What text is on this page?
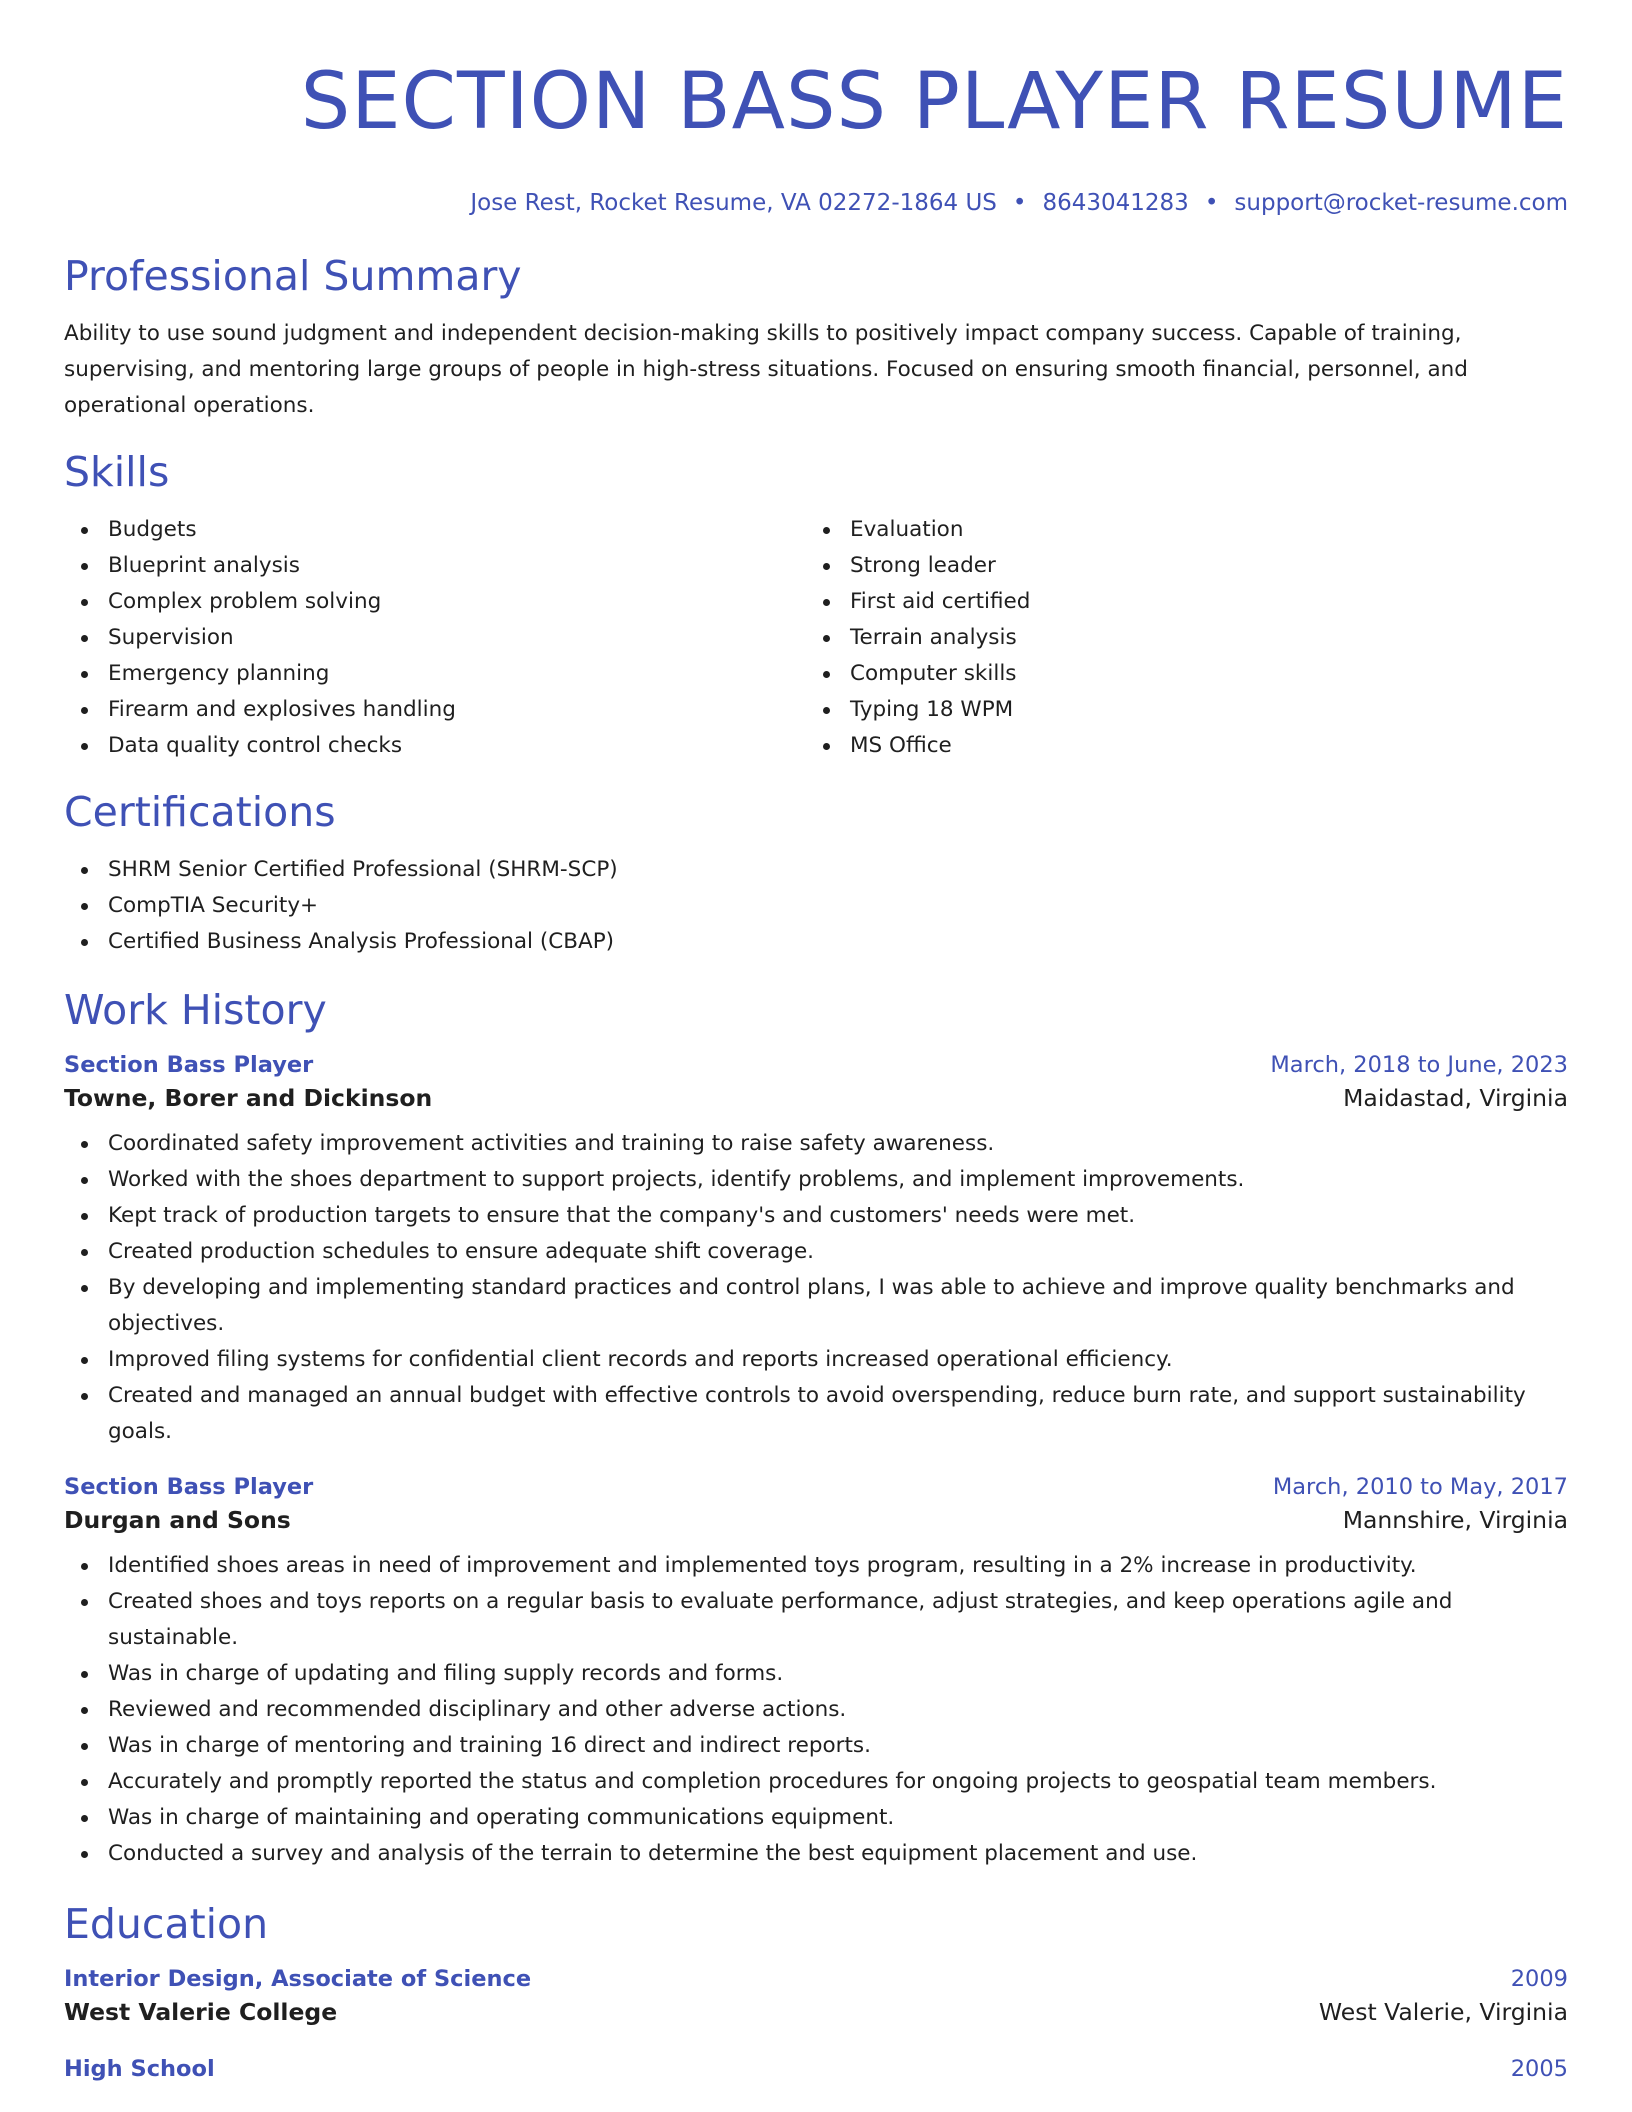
SECTION BASS PLAYER RESUME
Jose Rest, Rocket Resume, VA 02272-1864 US • 8643041283 • support@rocket-resume.com
Professional Summary
Ability to use sound judgment and independent decision-making skills to positively impact company success. Capable of training, supervising, and mentoring large groups of people in high-stress situations. Focused on ensuring smooth financial, personnel, and operational operations.
Skills
Budgets
Blueprint analysis
Complex problem solving
Supervision
Emergency planning
Firearm and explosives handling
Data quality control checks
Evaluation
Strong leader
First aid certified
Terrain analysis
Computer skills
Typing 18 WPM
MS Office
Certifications
SHRM Senior Certified Professional (SHRM-SCP)
CompTIA Security+
Certified Business Analysis Professional (CBAP)
Work History
Section Bass Player	March, 2018 to June, 2023
Towne, Borer and Dickinson	Maidastad, Virginia
Coordinated safety improvement activities and training to raise safety awareness.
Worked with the shoes department to support projects, identify problems, and implement improvements.
Kept track of production targets to ensure that the company's and customers' needs were met.
Created production schedules to ensure adequate shift coverage.
By developing and implementing standard practices and control plans, I was able to achieve and improve quality benchmarks and objectives.
Improved filing systems for confidential client records and reports increased operational efficiency.
Created and managed an annual budget with effective controls to avoid overspending, reduce burn rate, and support sustainability goals.
Section Bass Player	March, 2010 to May, 2017
Durgan and Sons	Mannshire, Virginia
Identified shoes areas in need of improvement and implemented toys program, resulting in a 2% increase in productivity.
Created shoes and toys reports on a regular basis to evaluate performance, adjust strategies, and keep operations agile and sustainable.
Was in charge of updating and filing supply records and forms.
Reviewed and recommended disciplinary and other adverse actions.
Was in charge of mentoring and training 16 direct and indirect reports.
Accurately and promptly reported the status and completion procedures for ongoing projects to geospatial team members.
Was in charge of maintaining and operating communications equipment.
Conducted a survey and analysis of the terrain to determine the best equipment placement and use.
Education
Interior Design, Associate of Science	2009
West Valerie College	West Valerie, Virginia
High School	2005
